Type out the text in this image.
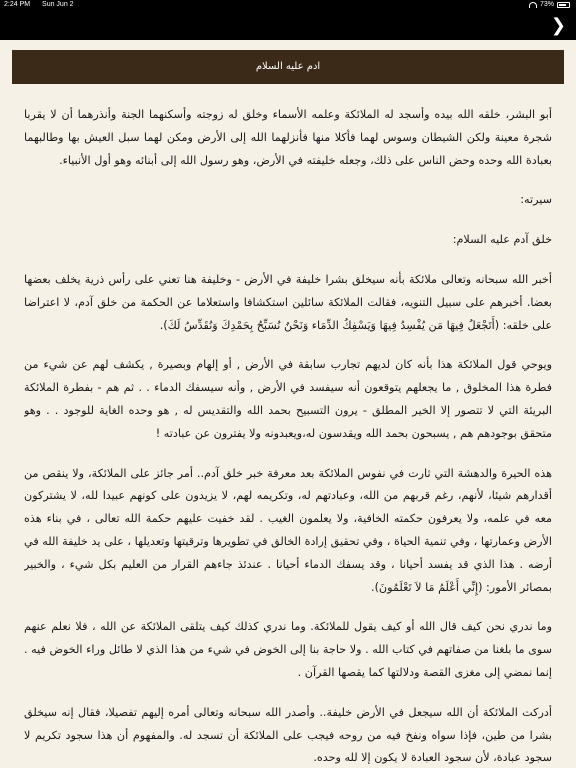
2:24 PM Sun Jun 2	73%
❯
ادم عليه السلام

أبو البشر، خلقه الله بيده وأسجد له الملائكة وعلمه الأسماء وخلق له زوجته وأسكنهما الجنة وأنذرهما أن لا يقربا شجرة معينة ولكن الشيطان وسوس لهما فأكلا منها فأنزلهما الله إلى الأرض ومكن لهما سبل العيش بها وطالبهما بعبادة الله وحده وحض الناس على ذلك، وجعله خليفته في الأرض، وهو رسول الله إلى أبنائه وهو أول الأنبياء.

سيرته:

خلق آدم عليه السلام:

أخبر الله سبحانه وتعالى ملائكة بأنه سيخلق بشرا خليفة في الأرض - وخليفة هنا تعني على رأس ذرية يخلف بعضها بعضا. أخبرهم على سبيل التنويه، فقالت الملائكة سائلين استكشافا واستعلاما عن الحكمة من خلق آدم، لا اعتراضا على خلقه: (أَتَجْعَلُ فِيهَا مَن يُفْسِدُ فِيهَا وَيَسْفِكُ الدِّمَاء وَنَحْنُ نُسَبِّحُ بِحَمْدِكَ وَنُقَدِّسُ لَكَ).

ويوحي قول الملائكة هذا بأنه كان لديهم تجارب سابقة في الأرض , أو إلهام وبصيرة , يكشف لهم عن شيء من فطرة هذا المخلوق , ما يجعلهم يتوقعون أنه سيفسد في الأرض , وأنه سيسفك الدماء . . ثم هم - بفطرة الملائكة البريئة التي لا تتصور إلا الخير المطلق - يرون التسبيح بحمد الله والتقديس له , هو وحده الغاية للوجود . . وهو متحقق بوجودهم هم , يسبحون بحمد الله ويقدسون له،ويعبدونه ولا يفترون عن عبادته !

هذه الحيرة والدهشة التي ثارت في نفوس الملائكة بعد معرفة خبر خلق آدم.. أمر جائز على الملائكة، ولا ينقص من أقدارهم شيئا، لأنهم، رغم قربهم من الله، وعبادتهم له، وتكريمه لهم، لا يزيدون على كونهم عبيدا لله، لا يشتركون معه في علمه، ولا يعرفون حكمته الخافية، ولا يعلمون الغيب . لقد خفيت عليهم حكمة الله تعالى ، في بناء هذه الأرض وعمارتها ، وفي تنمية الحياة ، وفي تحقيق إرادة الخالق في تطويرها وترقيتها وتعديلها ، على يد خليفة الله في أرضه . هذا الذي قد يفسد أحيانا ، وقد يسفك الدماء أحيانا . عندئذ جاءهم القرار من العليم بكل شيء ، والخبير بمصائر الأمور: (إِنِّي أَعْلَمُ مَا لاَ تَعْلَمُونَ).

وما ندري نحن كيف قال الله أو كيف يقول للملائكة. وما ندري كذلك كيف يتلقى الملائكة عن الله ، فلا نعلم عنهم سوى ما بلغنا من صفاتهم في كتاب الله . ولا حاجة بنا إلى الخوض في شيء من هذا الذي لا طائل وراء الخوض فيه . إنما نمضي إلى مغزى القصة ودلالتها كما يقصها القرآن .

أدركت الملائكة أن الله سيجعل في الأرض خليفة.. وأصدر الله سبحانه وتعالى أمره إليهم تفصيلا، فقال إنه سيخلق بشرا من طين، فإذا سواه ونفخ فيه من روحه فيجب على الملائكة أن تسجد له. والمفهوم أن هذا سجود تكريم لا سجود عبادة، لأن سجود العبادة لا يكون إلا لله وحده.
